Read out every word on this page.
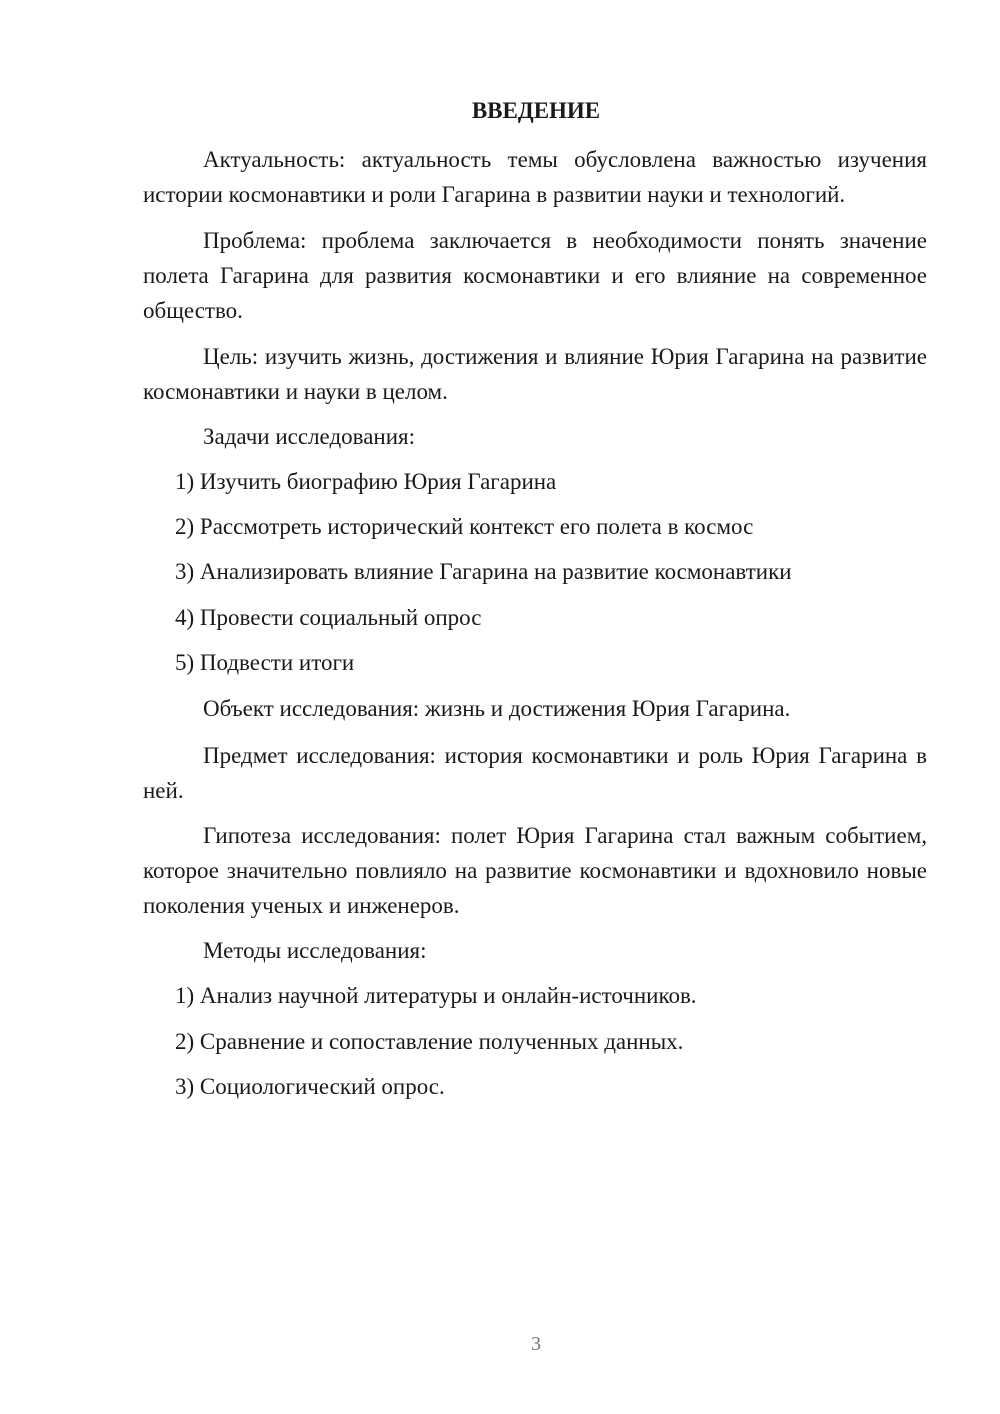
ВВЕДЕНИЕ
Актуальность: актуальность темы обусловлена важностью изучения истории космонавтики и роли Гагарина в развитии науки и технологий.
Проблема: проблема заключается в необходимости понять значение полета Гагарина для развития космонавтики и его влияние на современное общество.
Цель: изучить жизнь, достижения и влияние Юрия Гагарина на развитие космонавтики и науки в целом.
Задачи исследования:
1) Изучить биографию Юрия Гагарина
2) Рассмотреть исторический контекст его полета в космос
3) Анализировать влияние Гагарина на развитие космонавтики
4) Провести социальный опрос
5) Подвести итоги
Объект исследования: жизнь и достижения Юрия Гагарина.
Предмет исследования: история космонавтики и роль Юрия Гагарина в ней.
Гипотеза исследования: полет Юрия Гагарина стал важным событием, которое значительно повлияло на развитие космонавтики и вдохновило новые поколения ученых и инженеров.
Методы исследования:
1) Анализ научной литературы и онлайн-источников.
2) Сравнение и сопоставление полученных данных.
3) Социологический опрос.
3
